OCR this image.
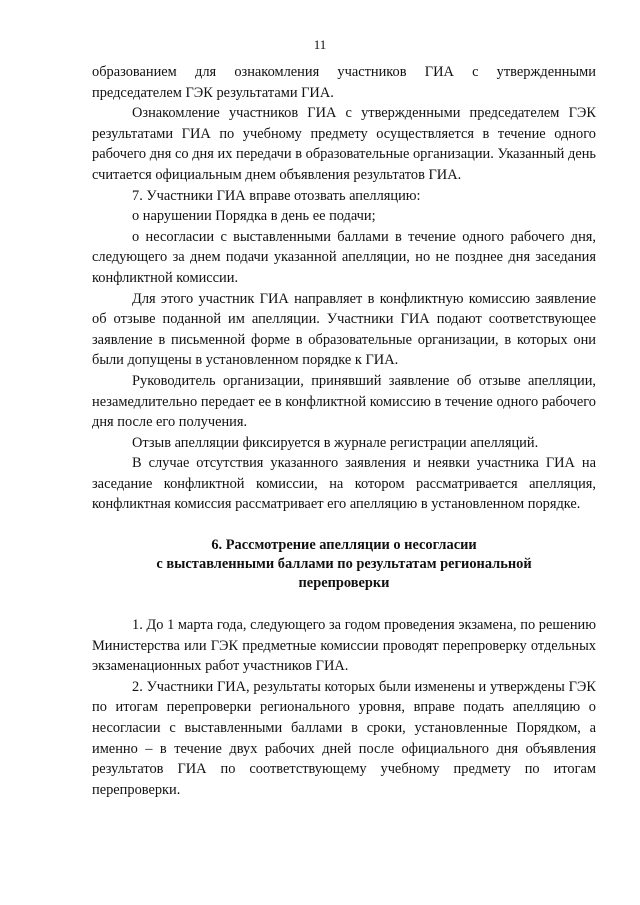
11

образованием для ознакомления участников ГИА с утвержденными председателем ГЭК результатами ГИА.

Ознакомление участников ГИА с утвержденными председателем ГЭК результатами ГИА по учебному предмету осуществляется в течение одного рабочего дня со дня их передачи в образовательные организации. Указанный день считается официальным днем объявления результатов ГИА.

7. Участники ГИА вправе отозвать апелляцию:

о нарушении Порядка в день ее подачи;

о несогласии с выставленными баллами в течение одного рабочего дня, следующего за днем подачи указанной апелляции, но не позднее дня заседания конфликтной комиссии.

Для этого участник ГИА направляет в конфликтную комиссию заявление об отзыве поданной им апелляции. Участники ГИА подают соответствующее заявление в письменной форме в образовательные организации, в которых они были допущены в установленном порядке к ГИА.

Руководитель организации, принявший заявление об отзыве апелляции, незамедлительно передает ее в конфликтной комиссию в течение одного рабочего дня после его получения.

Отзыв апелляции фиксируется в журнале регистрации апелляций.

В случае отсутствия указанного заявления и неявки участника ГИА на заседание конфликтной комиссии, на котором рассматривается апелляция, конфликтная комиссия рассматривает его апелляцию в установленном порядке.

6. Рассмотрение апелляции о несогласии
с выставленными баллами по результатам региональной
перепроверки

1. До 1 марта года, следующего за годом проведения экзамена, по решению Министерства или ГЭК предметные комиссии проводят перепроверку отдельных экзаменационных работ участников ГИА.

2. Участники ГИА, результаты которых были изменены и утверждены ГЭК по итогам перепроверки регионального уровня, вправе подать апелляцию о несогласии с выставленными баллами в сроки, установленные Порядком, а именно – в течение двух рабочих дней после официального дня объявления результатов ГИА по соответствующему учебному предмету по итогам перепроверки.
